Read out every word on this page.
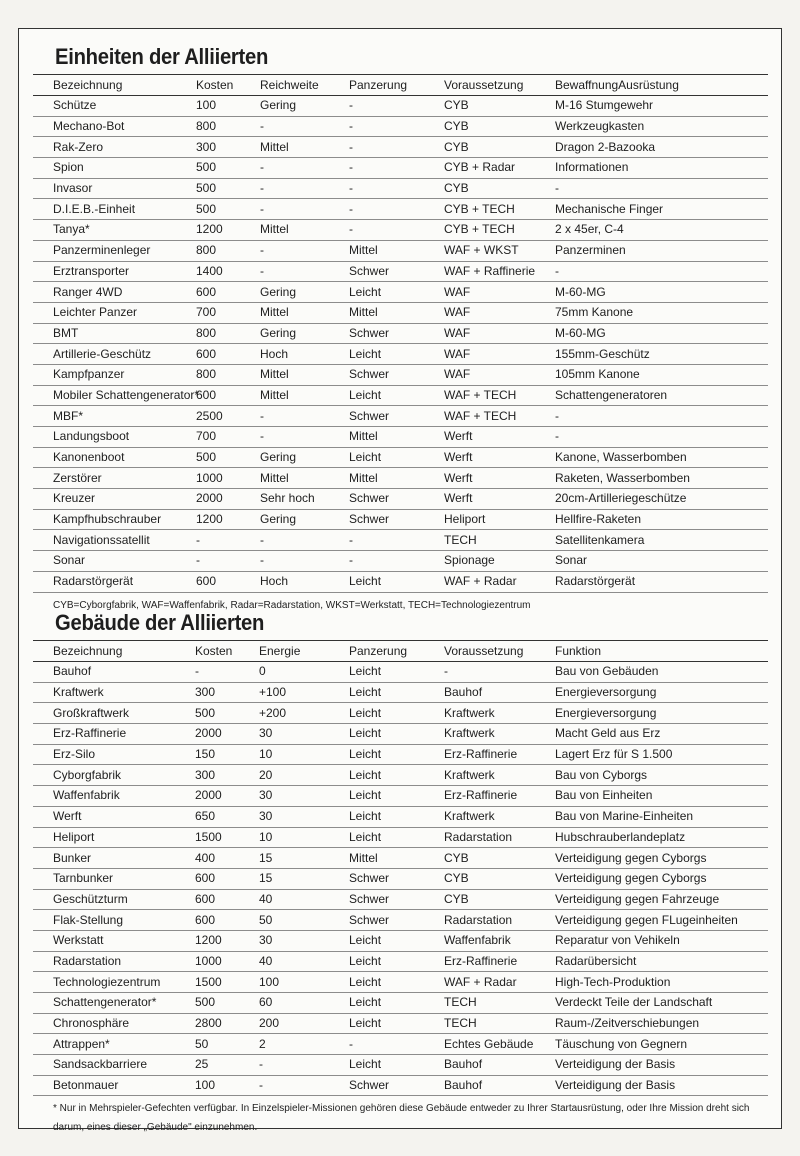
Einheiten der Alliierten
Bezeichnung	Kosten	Reichweite	Panzerung	Voraussetzung	BewaffnungAusrüstung
Schütze	100	Gering	-	CYB	M-16 Stumgewehr
Mechano-Bot	800	-	-	CYB	Werkzeugkasten
Rak-Zero	300	Mittel	-	CYB	Dragon 2-Bazooka
Spion	500	-	-	CYB + Radar	Informationen
Invasor	500	-	-	CYB	-
D.I.E.B.-Einheit	500	-	-	CYB + TECH	Mechanische Finger
Tanya*	1200	Mittel	-	CYB + TECH	2 x 45er, C-4
Panzerminenleger	800	-	Mittel	WAF + WKST	Panzerminen
Erztransporter	1400	-	Schwer	WAF + Raffinerie	-
Ranger 4WD	600	Gering	Leicht	WAF	M-60-MG
Leichter Panzer	700	Mittel	Mittel	WAF	75mm Kanone
BMT	800	Gering	Schwer	WAF	M-60-MG
Artillerie-Geschütz	600	Hoch	Leicht	WAF	155mm-Geschütz
Kampfpanzer	800	Mittel	Schwer	WAF	105mm Kanone
Mobiler Schattengenerator*	600	Mittel	Leicht	WAF + TECH	Schattengeneratoren
MBF*	2500	-	Schwer	WAF + TECH	-
Landungsboot	700	-	Mittel	Werft	-
Kanonenboot	500	Gering	Leicht	Werft	Kanone, Wasserbomben
Zerstörer	1000	Mittel	Mittel	Werft	Raketen, Wasserbomben
Kreuzer	2000	Sehr hoch	Schwer	Werft	20cm-Artilleriegeschütze
Kampfhubschrauber	1200	Gering	Schwer	Heliport	Hellfire-Raketen
Navigationssatellit	-	-	-	TECH	Satellitenkamera
Sonar	-	-	-	Spionage	Sonar
Radarstörgerät	600	Hoch	Leicht	WAF + Radar	Radarstörgerät
CYB=Cyborgfabrik, WAF=Waffenfabrik, Radar=Radarstation, WKST=Werkstatt, TECH=Technologiezentrum
Gebäude der Alliierten
Bezeichnung	Kosten	Energie	Panzerung	Voraussetzung	Funktion
Bauhof	-	0	Leicht	-	Bau von Gebäuden
Kraftwerk	300	+100	Leicht	Bauhof	Energieversorgung
Großkraftwerk	500	+200	Leicht	Kraftwerk	Energieversorgung
Erz-Raffinerie	2000	30	Leicht	Kraftwerk	Macht Geld aus Erz
Erz-Silo	150	10	Leicht	Erz-Raffinerie	Lagert Erz für S 1.500
Cyborgfabrik	300	20	Leicht	Kraftwerk	Bau von Cyborgs
Waffenfabrik	2000	30	Leicht	Erz-Raffinerie	Bau von Einheiten
Werft	650	30	Leicht	Kraftwerk	Bau von Marine-Einheiten
Heliport	1500	10	Leicht	Radarstation	Hubschrauberlandeplatz
Bunker	400	15	Mittel	CYB	Verteidigung gegen Cyborgs
Tarnbunker	600	15	Schwer	CYB	Verteidigung gegen Cyborgs
Geschützturm	600	40	Schwer	CYB	Verteidigung gegen Fahrzeuge
Flak-Stellung	600	50	Schwer	Radarstation	Verteidigung gegen FLugeinheiten
Werkstatt	1200	30	Leicht	Waffenfabrik	Reparatur von Vehikeln
Radarstation	1000	40	Leicht	Erz-Raffinerie	Radarübersicht
Technologiezentrum	1500	100	Leicht	WAF + Radar	High-Tech-Produktion
Schattengenerator*	500	60	Leicht	TECH	Verdeckt Teile der Landschaft
Chronosphäre	2800	200	Leicht	TECH	Raum-/Zeitverschiebungen
Attrappen*	50	2	-	Echtes Gebäude	Täuschung von Gegnern
Sandsackbarriere	25	-	Leicht	Bauhof	Verteidigung der Basis
Betonmauer	100	-	Schwer	Bauhof	Verteidigung der Basis
* Nur in Mehrspieler-Gefechten verfügbar. In Einzelspieler-Missionen gehören diese Gebäude entweder zu Ihrer Startausrüstung, oder Ihre Mission dreht sich darum, eines dieser „Gebäude" einzunehmen.
